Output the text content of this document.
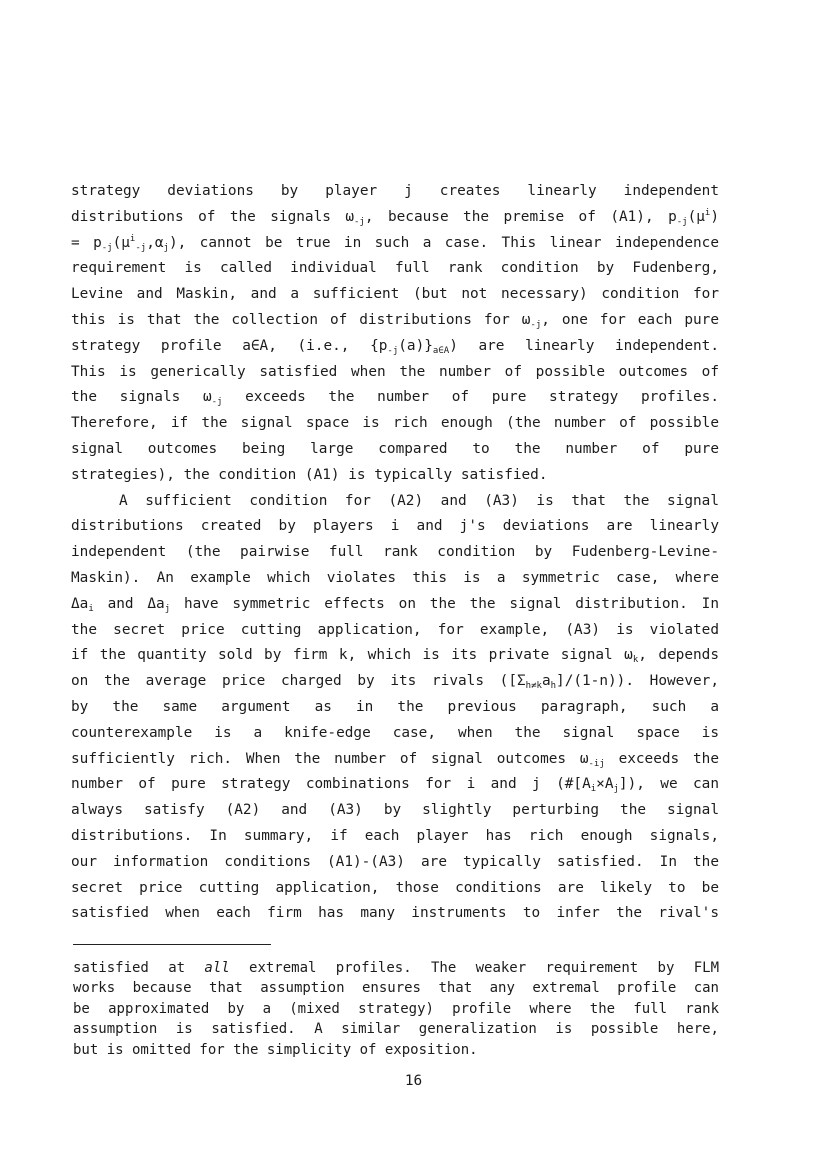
strategy deviations by player j creates linearly independent
distributions of the signals $\omega_{-j}$, because the premise of (A1), $p_{-j}(\mu^i)$
= $p_{-j}(\mu^i_{-j},\alpha_j)$, cannot be true in such a case. This linear independence
requirement is called individual full rank condition by Fudenberg,
Levine and Maskin, and a sufficient (but not necessary) condition for
this is that the collection of distributions for $\omega_{-j}$, one for each pure
strategy profile a∈A, (i.e., $\{p_{-j}(a)\}_{a\in A}$) are linearly independent.
This is generically satisfied when the number of possible outcomes of
the signals $\omega_{-j}$ exceeds the number of pure strategy profiles.
Therefore, if the signal space is rich enough (the number of possible
signal outcomes being large compared to the number of pure
strategies), the condition (A1) is typically satisfied.
A sufficient condition for (A2) and (A3) is that the signal
distributions created by players i and j's deviations are linearly
independent (the pairwise full rank condition by Fudenberg-Levine-
Maskin). An example which violates this is a symmetric case, where
$\Delta a_i$ and $\Delta a_j$ have symmetric effects on the the signal distribution. In
the secret price cutting application, for example, (A3) is violated
if the quantity sold by firm k, which is its private signal $\omega_k$, depends
on the average price charged by its rivals $([\Sigma_{h\ne k}a_h]/(1-n))$. However,
by the same argument as in the previous paragraph, such a
counterexample is a knife-edge case, when the signal space is
sufficiently rich. When the number of signal outcomes $\omega_{-ij}$ exceeds the
number of pure strategy combinations for i and j $(\#[A_i\times A_j])$, we can
always satisfy (A2) and (A3) by slightly perturbing the signal
distributions. In summary, if each player has rich enough signals,
our information conditions (A1)-(A3) are typically satisfied. In the
secret price cutting application, those conditions are likely to be
satisfied when each firm has many instruments to infer the rival's
satisfied at all extremal profiles. The weaker requirement by FLM
works because that assumption ensures that any extremal profile can
be approximated by a (mixed strategy) profile where the full rank
assumption is satisfied. A similar generalization is possible here,
but is omitted for the simplicity of exposition.
16
